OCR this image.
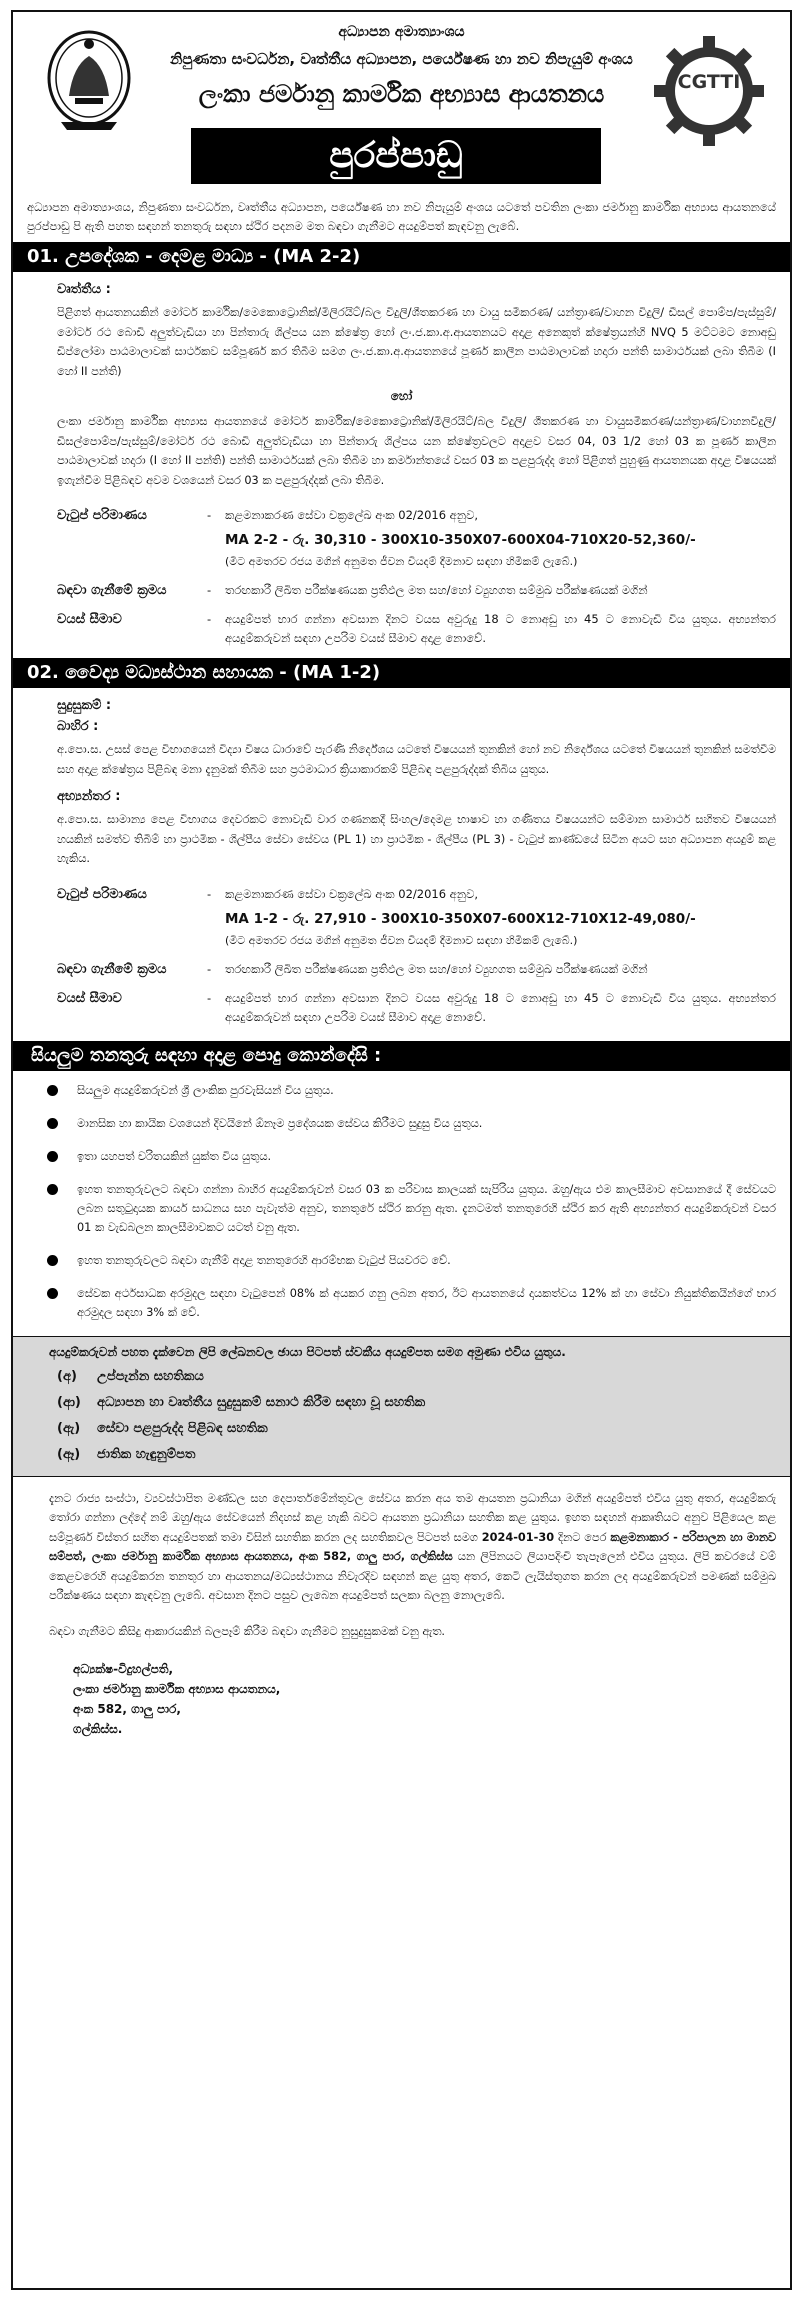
අධ්‍යාපන අමාත්‍යාංශය
නිපුණතා සංවර්ධන, වෘත්තීය අධ්‍යාපන, පර්යේෂණ හා නව නිපැයුම් අංශය
ලංකා ජර්මානු කාර්මික අභ්‍යාස ආයතනය
පුරප්පාඩු
CGTTI
අධ්‍යාපන අමාත්‍යාංශය, නිපුණතා සංවර්ධන, වෘත්තීය අධ්‍යාපන, පර්යේෂණ හා නව නිපැයුම් අංශය යටතේ පවතින ලංකා ජර්මානු කාර්මික අභ්‍යාස ආයතනයේ පුරප්පාඩු පි ඇති පහත සඳහන් තනතුරු සඳහා ස්ථිර පදනම මත බඳවා ගැනීමට අයදුම්පත් කැඳවනු ලැබේ.
01. උපදේශක - දෙමළ මාධ්‍ය - (MA 2-2)
වෘත්තීය :
පිළිගත් ආයතනයකින් මෝටර් කාර්මික/මෙකොට්‍රොනික්/මිලිරයිට්/බල විදුලි/ශීතකරණ හා වායු සමීකරණ/ යන්ත්‍රාණ/වාහන විදුලි/ ඩීසල් පොම්ප/පැස්සුම්/මෝටර් රථ බොඩි අලුත්වැඩියා හා පින්තාරු ශිල්පය යන ක්ෂේත්‍ර හෝ ලං.ජ.කා.අ.ආයතනයට අදාළ අනෙකුත් ක්ෂේත්‍රයන්හි NVQ 5 මට්ටමට නොඅඩු ඩිප්ලෝමා පාඨමාලාවක් සාර්ථකව සම්පූර්ණ කර තිබීම සමග ලං.ජ.කා.අ.ආයතනයේ පූර්ණ කාලීන පාඨමාලාවක් හදාරා පන්ති සාමාර්ථයක් ලබා තිබීම (I හෝ II පන්ති)
හෝ
ලංකා ජර්මානු කාර්මික අභ්‍යාස ආයතනයේ මෝටර් කාර්මික/මෙකොට්‍රොනික්/මිලිරයිට්/බල විදුලි/ ශීතකරණ හා වායුසමීකරණ/යන්ත්‍රාණ/වාහනවිදුලි/ඩීසල්පොම්ප/පැස්සුම්/මෝටර් රථ බොඩි අලුත්වැඩියා හා පින්තාරු ශිල්පය යන ක්ෂේත්‍රවලට අදාළව වසර 04, 03 1/2 හෝ 03 ක පූර්ණ කාලීන පාඨමාලාවක් හදාරා (I හෝ II පන්ති) පන්ති සාමාර්ථයක් ලබා තිබීම හා කර්මාන්තයේ වසර 03 ක පළපුරුද්ද හෝ පිළිගත් පුහුණු ආයතනයක අදාළ විෂයයක් ඉගැන්වීම පිළිබඳව අවම වශයෙන් වසර 03 ක පළපුරුද්දක් ලබා තිබීම.
වැටුප් පරිමාණය	-	කළමනාකරණ සේවා චක්‍රලේඛ අංක 02/2016 අනුව,
MA 2-2 - රු. 30,310 - 300X10-350X07-600X04-710X20-52,360/-
(මීට අමතරව රජය මගින් අනුමත ජීවන වියදම් දීමනාව සඳහා හිමිකම් ලැබේ.)
බඳවා ගැනීමේ ක්‍රමය	-	තරඟකාරී ලිඛිත පරීක්ෂණයක ප්‍රතිඵල මත සහ/හෝ ව්‍යුහගත සම්මුඛ පරීක්ෂණයක් මගින්
වයස් සීමාව	-	අයදුම්පත් භාර ගන්නා අවසාන දිනට වයස අවුරුදු 18 ට නොඅඩු හා 45 ට නොවැඩි විය යුතුය. අභ්‍යන්තර අයදුම්කරුවන් සඳහා උපරිම වයස් සීමාව අදාළ නොවේ.
02. වෛද්‍ය මධ්‍යස්ථාන සහායක - (MA 1-2)
සුදුසුකම් :
බාහිර :
අ.පො.ස. උසස් පෙළ විභාගයෙන් විද්‍යා විෂය ධාරාවේ පැරණි නිර්දේශය යටතේ විෂයයන් තුනකින් හෝ නව නිර්දේශය යටතේ විෂයයන් තුනකින් සමත්වීම සහ අදාළ ක්ෂේත්‍රය පිළිබඳ මනා දැනුමක් තිබීම සහ ප්‍රථමාධාර ක්‍රියාකාරකම් පිළිබඳ පළපුරුද්දක් තිබිය යුතුය.
අභ්‍යන්තර :
අ.පො.ස. සාමාන්‍ය පෙළ විභාගය දෙවරකට නොවැඩි වාර ගණනකදී සිංහල/දෙමළ භාෂාව හා ගණිතය විෂයයන්ට සම්මාන සාමාර්ථ සහිතව විෂයයන් හයකින් සමත්ව තිබීම් හා ප්‍රාථමික - ශිල්පීය සේවා සේවය (PL 1) හා ප්‍රාථමික - ශිල්පීය (PL 3) - වැටුප් කාණ්ඩයේ සිටින අයට සහ අධ්‍යාපන අයදුම් කළ හැකිය.
වැටුප් පරිමාණය	-	කළමනාකරණ සේවා චක්‍රලේඛ අංක 02/2016 අනුව,
MA 1-2 - රු. 27,910 - 300X10-350X07-600X12-710X12-49,080/-
(මීට අමතරව රජය මගින් අනුමත ජීවන වියදම් දීමනාව සඳහා හිමිකම් ලැබේ.)
බඳවා ගැනීමේ ක්‍රමය	-	තරඟකාරී ලිඛිත පරීක්ෂණයක ප්‍රතිඵල මත සහ/හෝ ව්‍යුහගත සම්මුඛ පරීක්ෂණයක් මගින්
වයස් සීමාව	-	අයදුම්පත් භාර ගන්නා අවසාන දිනට වයස අවුරුදු 18 ට නොඅඩු හා 45 ට නොවැඩි විය යුතුය. අභ්‍යන්තර අයදුම්කරුවන් සඳහා උපරිම වයස් සීමාව අදාළ නොවේ.
සියලුම තනතුරු සඳහා අදාළ පොදු කොන්දේසි :
සියලුම අයදුම්කරුවන් ශ්‍රී ලාංකික පුරවැසියන් විය යුතුය.
මානසික හා කායික වශයෙන් දිවයිනේ ඕනෑම ප්‍රදේශයක සේවය කිරීමට සුදුසු විය යුතුය.
ඉතා යහපත් චරිතයකින් යුක්ත විය යුතුය.
ඉහත තනතුරුවලට බඳවා ගන්නා බාහිර අයදුම්කරුවන් වසර 03 ක පරිවාස කාලයක් සැපිරිය යුතුය. ඔහු/ඇය එම කාලසීමාව අවසානයේ දී සේවයට ලබන සතුටුදායක කාර්ය සාධනය සහ පැවැත්ම අනුව, තනතුරේ ස්ථිර කරනු ඇත. දැනටමත් තනතුරෙහි ස්ථිර කර ඇති අභ්‍යන්තර අයදුම්කරුවන් වසර 01 ක වැඩබලන කාලසීමාවකට යටත් වනු ඇත.
ඉහත තනතුරුවලට බඳවා ගැනීම් අදාළ තනතුරෙහි ආරම්භක වැටුප් පියවරට වේ.
සේවක අර්ථසාධක අරමුදල සඳහා වැටුපෙන් 08% ක් අයකර ගනු ලබන අතර, ඊට ආයතනයේ දායකත්වය 12% ක් හා සේවා නියුක්තිකයින්ගේ භාර අරමුදල සඳහා 3% ක් වේ.
අයදුම්කරුවන් පහත දැක්වෙන ලිපි ලේඛනවල ඡායා පිටපත් ස්වකීය අයදුම්පත සමග අමුණා එවිය යුතුය.
(අ) උප්පැන්න සහතිකය
(ආ) අධ්‍යාපන හා වෘත්තීය සුදුසුකම් සනාථ කිරීම සඳහා වූ සහතික
(ඇ) සේවා පළපුරුද්ද පිළිබඳ සහතික
(ඈ) ජාතික හැඳුනුම්පත
දැනට රාජ්‍ය සංස්ථා, ව්‍යවස්ථාපිත මණ්ඩල සහ දෙපාර්තමේන්තුවල සේවය කරන අය තම ආයතන ප්‍රධානියා මගින් අයදුම්පත් එවිය යුතු අතර, අයදුම්කරු තෝරා ගන්නා ලද්දේ නම් ඔහු/ඇය සේවයෙන් නිදහස් කළ හැකි බවට ආයතන ප්‍රධානියා සහතික කළ යුතුය. ඉහත සඳහන් ආකෘතියට අනුව පිළියෙල කළ සම්පූර්ණ විස්තර සහිත අයදුම්පතක් තමා විසින් සහතික කරන ලද සහතිකවල පිටපත් සමග 2024-01-30 දිනට පෙර කළමනාකාර - පරිපාලන හා මානව සම්පත්, ලංකා ජර්මානු කාර්මික අභ්‍යාස ආයතනය, අංක 582, ගාලු පාර, ගල්කිස්ස යන ලිපිනයට ලියාපදිංචි තැපෑලෙන් එවිය යුතුය. ලිපි කවරයේ වම් කෙළවරෙහි අයදුම්කරන තනතුර හා ආයතනය/මධ්‍යස්ථානය නිවැරදිව සඳහන් කළ යුතු අතර, කෙටි ලැයිස්තුගත කරන ලද අයදුම්කරුවන් පමණක් සම්මුඛ පරීක්ෂණය සඳහා කැඳවනු ලැබේ. අවසාන දිනට පසුව ලැබෙන අයදුම්පත් සලකා බලනු නොලැබේ.
බඳවා ගැනීමට කිසිදු ආකාරයකින් බලපෑම් කිරීම බඳවා ගැනීමට නුසුදුසුකමක් වනු ඇත.
අධ්‍යක්ෂ-විදුහල්පති,
ලංකා ජර්මානු කාර්මික අභ්‍යාස ආයතනය,
අංක 582, ගාලු පාර,
ගල්කිස්ස.
